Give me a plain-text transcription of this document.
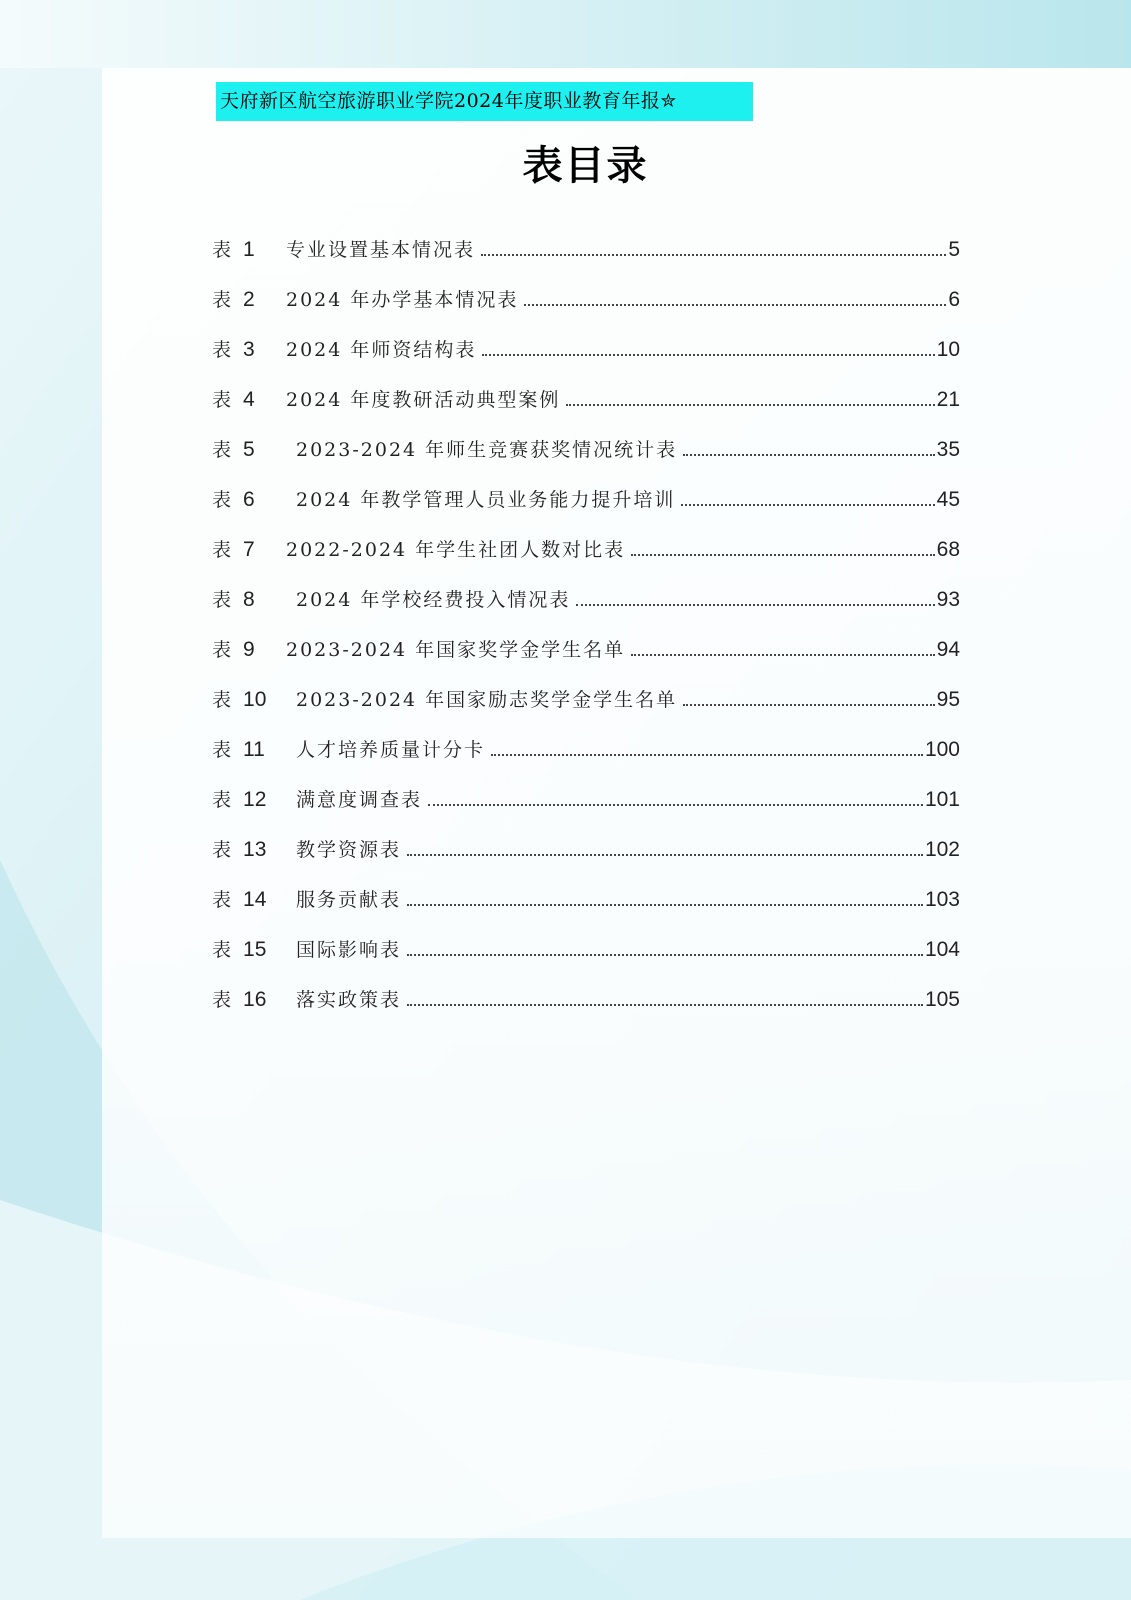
天府新区航空旅游职业学院2024年度职业教育年报✮
表目录
表 1 专业设置基本情况表	5
表 2 2024 年办学基本情况表	6
表 3 2024 年师资结构表	10
表 4 2024 年度教研活动典型案例	21
表 5	2023-2024 年师生竞赛获奖情况统计表	35
表 6	2024 年教学管理人员业务能力提升培训	45
表 7 2022-2024 年学生社团人数对比表	68
表 8	2024 年学校经费投入情况表	93
表 9 2023-2024 年国家奖学金学生名单	94
表 10	2023-2024 年国家励志奖学金学生名单	95
表 11	人才培养质量计分卡	100
表 12	满意度调查表	101
表 13	教学资源表	102
表 14	服务贡献表	103
表 15	国际影响表	104
表 16	落实政策表	105
